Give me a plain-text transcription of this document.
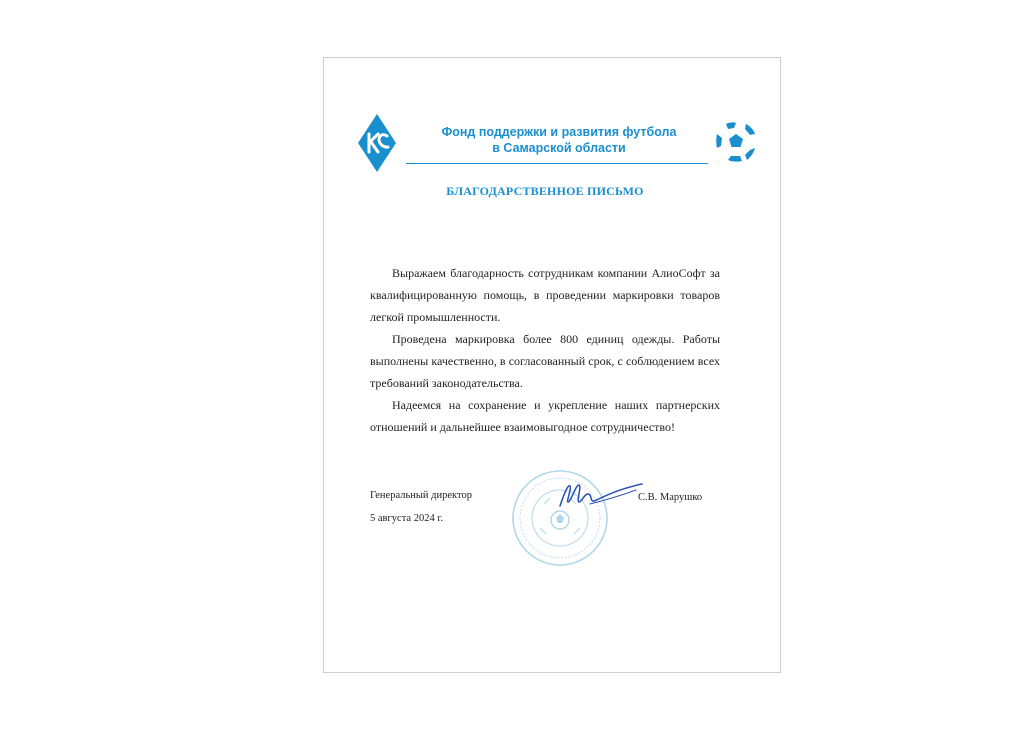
Фонд поддержки и развития футбола
в Самарской области
БЛАГОДАРСТВЕННОЕ ПИСЬМО

Выражаем благодарность сотрудникам компании АлиоСофт за квалифицированную помощь, в проведении маркировки товаров легкой промышленности.

Проведена маркировка более 800 единиц одежды. Работы выполнены качественно, в согласованный срок, с соблюдением всех требований законодательства.

Надеемся на сохранение и укрепление наших партнерских отношений и дальнейшее взаимовыгодное сотрудничество!

Генеральный директор
5 августа 2024 г.
С.В. Марушко
